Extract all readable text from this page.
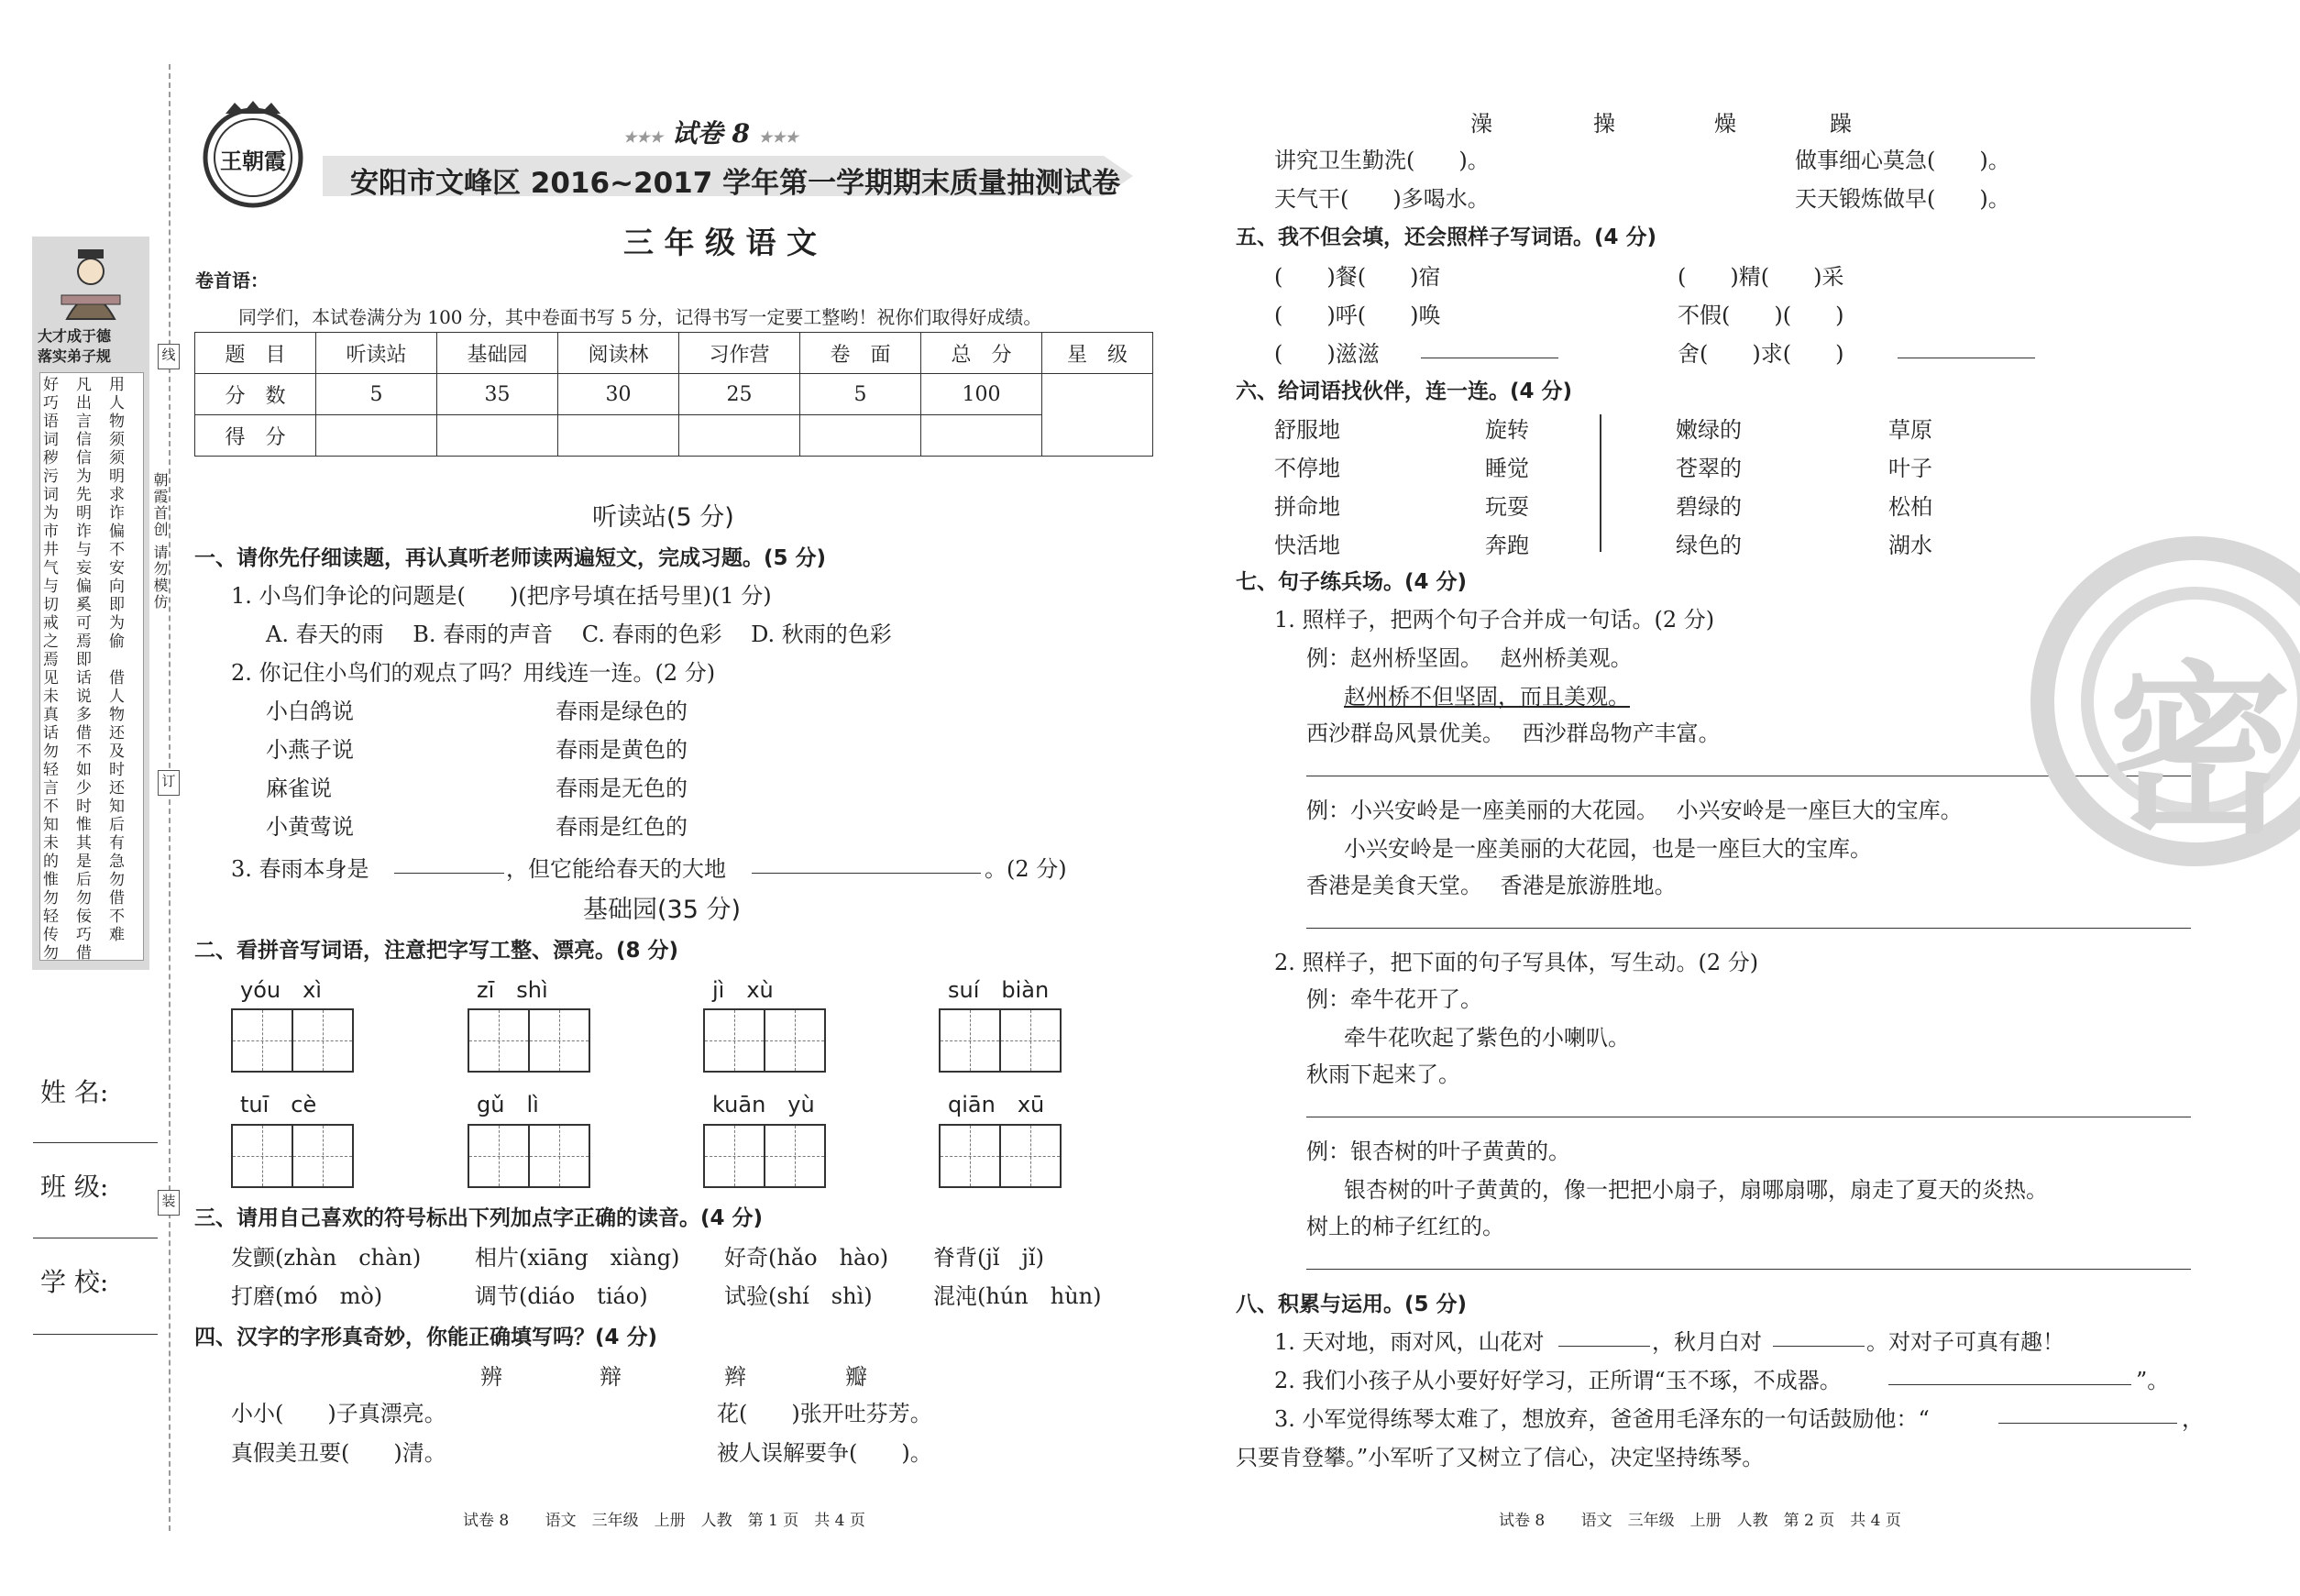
大才成于德
落实弟子规
好巧语词
凡出言信
用人物须
秽污词为
信为先明
须明求诈
市井气与
诈与妄偏
偏不安向
切戒之焉
奚可焉即
即为偷
见未真话
话说多借
借人物还
勿轻言不
不如少时
及时还知
知未的惟
惟其是后
后有急勿
勿轻传勿
勿佞巧借
借不难
朝霞首创 请勿模仿
线
订
装
姓 名:
班 级:
学 校:
王朝霞
★★★ 试卷 8 ★★★
安阳市文峰区 2016~2017 学年第一学期期末质量抽测试卷
三 年 级 语 文
卷首语：
同学们，本试卷满分为 100 分，其中卷面书写 5 分，记得书写一定要工整哟！祝你们取得好成绩。
题　目	听读站	基础园	阅读林	习作营	卷　面	总　分	星　级
分　数	5	35	30	25	5	100	
得　分							
听读站(5 分)
一、请你先仔细读题，再认真听老师读两遍短文，完成习题。(5 分)
1. 小鸟们争论的问题是(　　)(把序号填在括号里)(1 分)
A. 春天的雨　 B. 春雨的声音　 C. 春雨的色彩　 D. 秋雨的色彩
2. 你记住小鸟们的观点了吗？用线连一连。(2 分)
小白鸽说	春雨是绿色的
小燕子说	春雨是黄色的
麻雀说	春雨是无色的
小黄莺说	春雨是红色的
3. 春雨本身是	，但它能给春天的大地	。(2 分)
基础园(35 分)
二、看拼音写词语，注意把字写工整、漂亮。(8 分)
yóu　xì	zī　shì	jì　xù	suí　biàn
tuī　cè	gǔ　lì	kuān　yù	qiān　xū
三、请用自己喜欢的符号标出下列加点字正确的读音。(4 分)
发颤(zhàn　chàn) 相片(xiāng　xiàng) 好奇(hǎo　hào) 脊背(jǐ　jǐ)
打磨(mó　mò)	调节(diáo　tiáo)	试验(shí　shì)	混沌(hún　hùn)
四、汉字的字形真奇妙，你能正确填写吗？(4 分)
辨	辩	辫	瓣
小小(　　)子真漂亮。	花(　　)张开吐芬芳。
真假美丑要(　　)清。	被人误解要争(　　)。
试卷 8　　 语文　三年级　上册　人教　第 1 页　共 4 页
澡	操	燥	躁
讲究卫生勤洗(　　)。	做事细心莫急(　　)。
天气干(　　)多喝水。	天天锻炼做早(　　)。
五、我不但会填，还会照样子写词语。(4 分)
(　　)餐(　　)宿	(　　)精(　　)采
(　　)呼(　　)唤	不假(　　)(　　)
(　　)滋滋	舍(　　)求(　　)
六、给词语找伙伴，连一连。(4 分)
舒服地	旋转	嫩绿的	草原
不停地	睡觉	苍翠的	叶子
拼命地	玩耍	碧绿的	松柏
快活地	奔跑	绿色的	湖水
七、句子练兵场。(4 分)
1. 照样子，把两个句子合并成一句话。(2 分)
例：赵州桥坚固。　 赵州桥美观。
赵州桥不但坚固，而且美观。
西沙群岛风景优美。　 西沙群岛物产丰富。
例：小兴安岭是一座美丽的大花园。　 小兴安岭是一座巨大的宝库。
小兴安岭是一座美丽的大花园，也是一座巨大的宝库。
香港是美食天堂。　 香港是旅游胜地。
2. 照样子，把下面的句子写具体，写生动。(2 分)
例：牵牛花开了。
牵牛花吹起了紫色的小喇叭。
秋雨下起来了。
例：银杏树的叶子黄黄的。
银杏树的叶子黄黄的，像一把把小扇子，扇哪扇哪，扇走了夏天的炎热。
树上的柿子红红的。
八、积累与运用。(5 分)
1. 天对地，雨对风，山花对	，秋月白对	。对对子可真有趣！
2. 我们小孩子从小要好好学习，正所谓“玉不琢，不成器。	”。
3. 小军觉得练琴太难了，想放弃，爸爸用毛泽东的一句话鼓励他：“	，
只要肯登攀。”小军听了又树立了信心，决定坚持练琴。
试卷 8　　 语文　三年级　上册　人教　第 2 页　共 4 页
密
